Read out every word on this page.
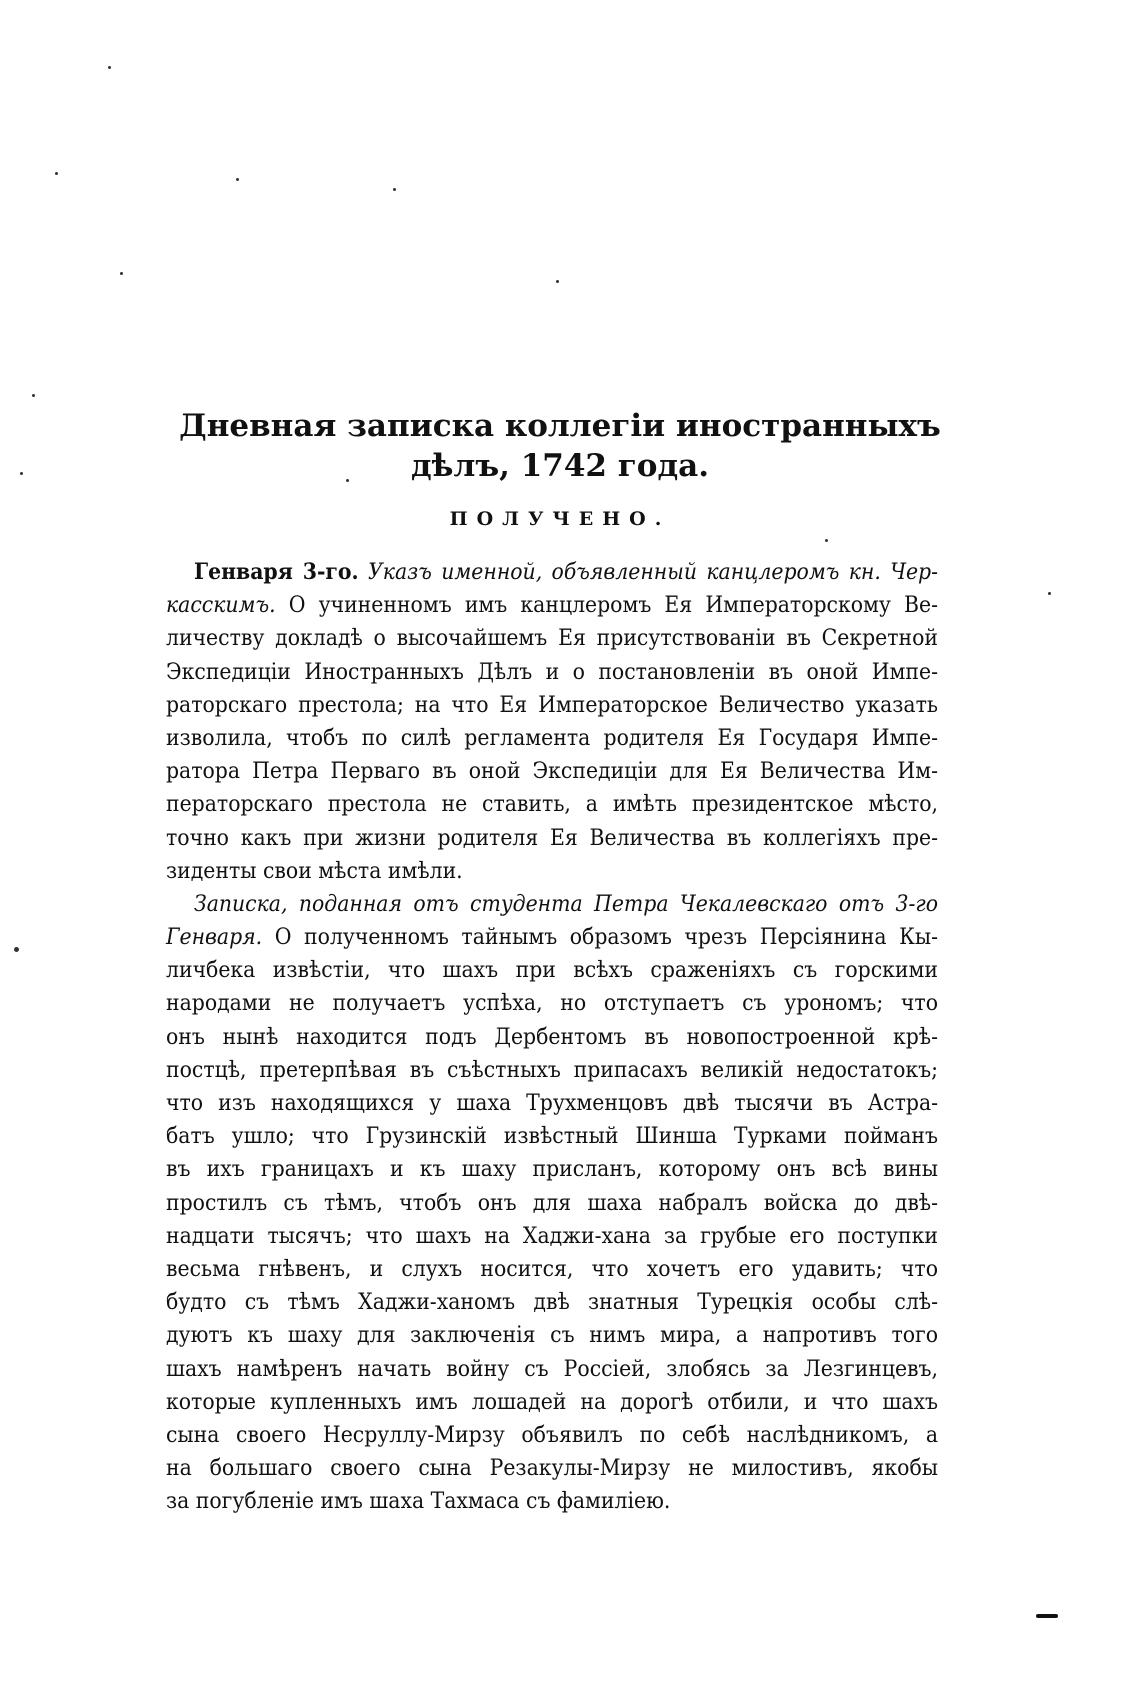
Дневная записка коллегіи иностранныхъ
дѣлъ, 1742 года.
ПОЛУЧЕНО.
Генваря 3-го. Указъ именной, объявленный канцлеромъ кн. Чер-
касскимъ. О учиненномъ имъ канцлеромъ Ея Императорскому Ве-
личеству докладѣ о высочайшемъ Ея присутствованіи въ Секретной
Экспедиціи Иностранныхъ Дѣлъ и о постановленіи въ оной Импе-
раторскаго престола; на что Ея Императорское Величество указать
изволила, чтобъ по силѣ регламента родителя Ея Государя Импе-
ратора Петра Перваго въ оной Экспедиціи для Ея Величества Им-
ператорскаго престола не ставить, а имѣть президентское мѣсто,
точно какъ при жизни родителя Ея Величества въ коллегіяхъ пре-
зиденты свои мѣста имѣли.
Записка, поданная отъ студента Петра Чекалевскаго отъ 3-го
Генваря. О полученномъ тайнымъ образомъ чрезъ Персіянина Кы-
личбека извѣстіи, что шахъ при всѣхъ сраженіяхъ съ горскими
народами не получаетъ успѣха, но отступаетъ съ урономъ; что
онъ нынѣ находится подъ Дербентомъ въ новопостроенной крѣ-
постцѣ, претерпѣвая въ съѣстныхъ припасахъ великій недостатокъ;
что изъ находящихся у шаха Трухменцовъ двѣ тысячи въ Астра-
батъ ушло; что Грузинскій извѣстный Шинша Турками пойманъ
въ ихъ границахъ и къ шаху присланъ, которому онъ всѣ вины
простилъ съ тѣмъ, чтобъ онъ для шаха набралъ войска до двѣ-
надцати тысячъ; что шахъ на Хаджи-хана за грубые его поступки
весьма гнѣвенъ, и слухъ носится, что хочетъ его удавить; что
будто съ тѣмъ Хаджи-ханомъ двѣ знатныя Турецкія особы слѣ-
дуютъ къ шаху для заключенія съ нимъ мира, а напротивъ того
шахъ намѣренъ начать войну съ Россіей, злобясь за Лезгинцевъ,
которые купленныхъ имъ лошадей на дорогѣ отбили, и что шахъ
сына своего Несруллу-Мирзу объявилъ по себѣ наслѣдникомъ, а
на большаго своего сына Резакулы-Мирзу не милостивъ, якобы
за погубленіе имъ шаха Тахмаса съ фамиліею.
